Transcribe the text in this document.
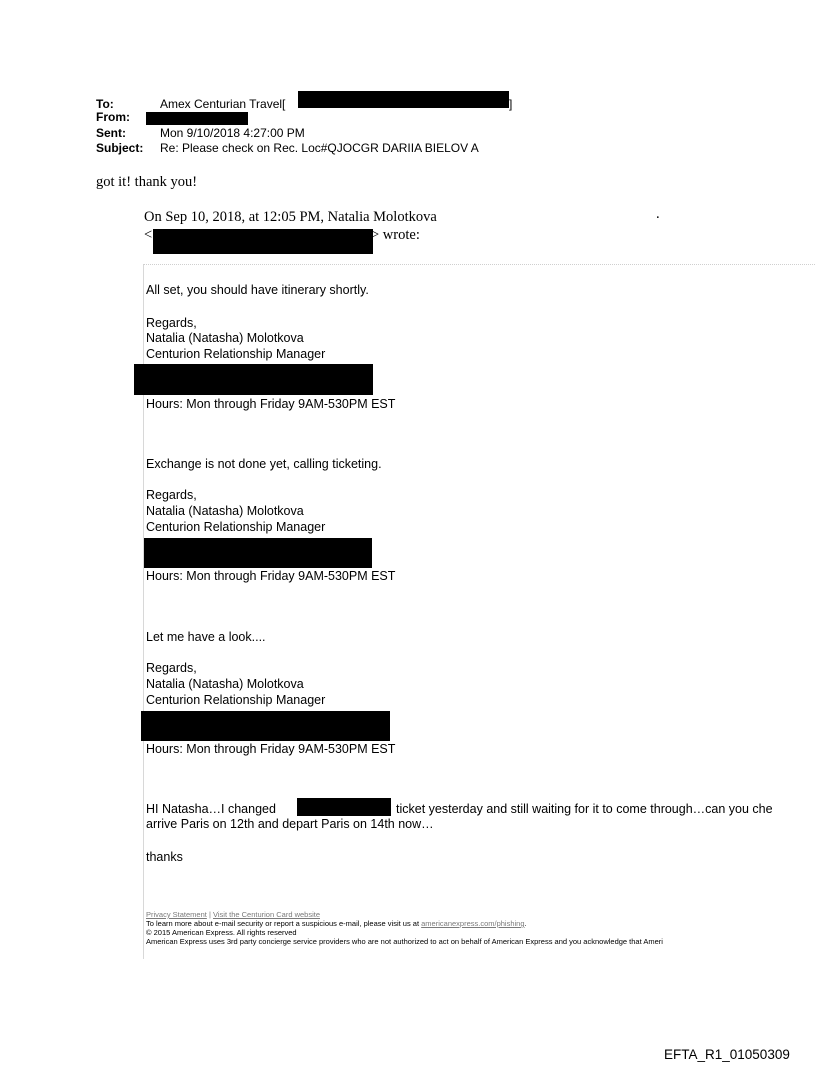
To:	Amex Centurian Travel[	]
From:
Sent:	Mon 9/10/2018 4:27:00 PM
Subject: Re: Please check on Rec. Loc#QJOCGR DARIIA BIELOV A
got it! thank you!
On Sep 10, 2018, at 12:05 PM, Natalia Molotkova	.
<	> wrote:
All set, you should have itinerary shortly.
Regards,
Natalia (Natasha) Molotkova
Centurion Relationship Manager
Hours: Mon through Friday 9AM-530PM EST
Exchange is not done yet, calling ticketing.
Regards,
Natalia (Natasha) Molotkova
Centurion Relationship Manager
Hours: Mon through Friday 9AM-530PM EST
Let me have a look....
Regards,
Natalia (Natasha) Molotkova
Centurion Relationship Manager
Hours: Mon through Friday 9AM-530PM EST
HI Natasha…I changed	ticket yesterday and still waiting for it to come through…can you che
arrive Paris on 12th and depart Paris on 14th now…
thanks
Privacy Statement | Visit the Centurion Card website
To learn more about e-mail security or report a suspicious e-mail, please visit us at americanexpress.com/phishing.
© 2015 American Express. All rights reserved
American Express uses 3rd party concierge service providers who are not authorized to act on behalf of American Express and you acknowledge that Ameri
EFTA_R1_01050309
